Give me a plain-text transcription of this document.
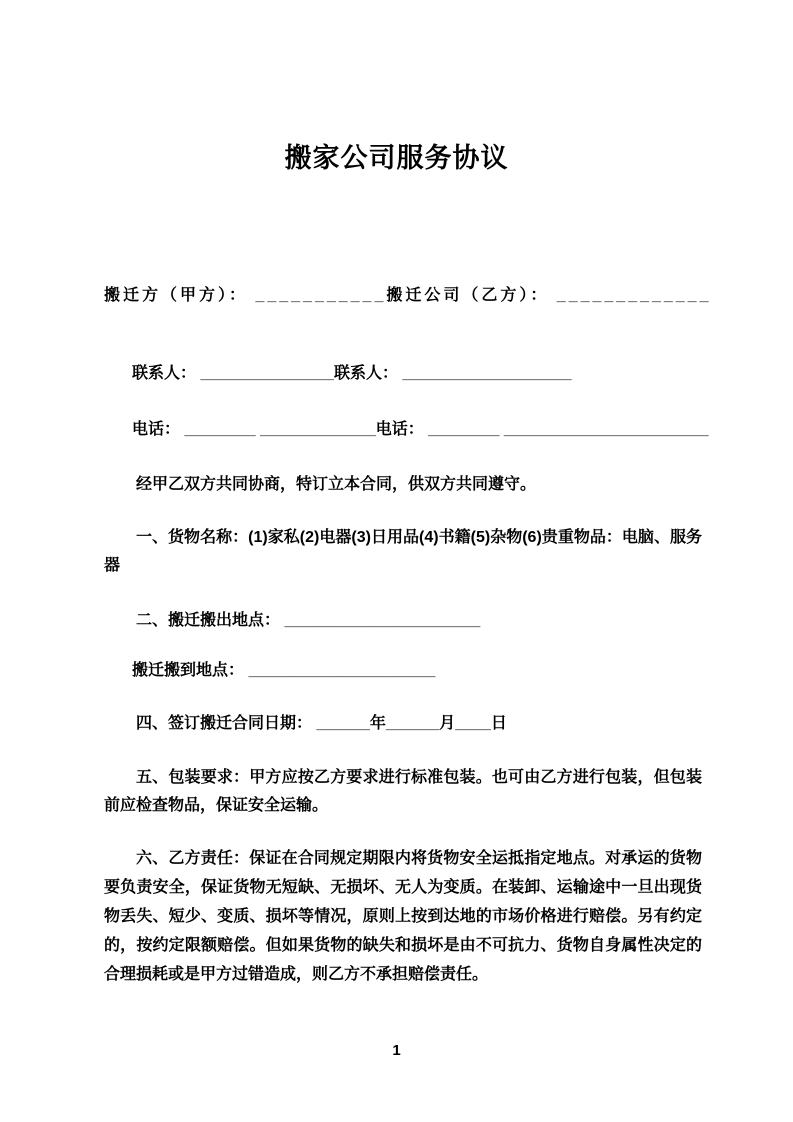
搬家公司服务协议

搬迁方（甲方）： ___________搬迁公司（乙方）： _____________

联系人： _______________联系人： ___________________

电话： ________ _____________电话： ________ _______________________

经甲乙双方共同协商，特订立本合同，供双方共同遵守。

一、货物名称：(1)家私(2)电器(3)日用品(4)书籍(5)杂物(6)贵重物品：电脑、服务器

二、搬迁搬出地点： ______________________

搬迁搬到地点： _____________________

四、签订搬迁合同日期： ______年______月____日

五、包装要求：甲方应按乙方要求进行标准包装。也可由乙方进行包装，但包装前应检查物品，保证安全运输。

六、乙方责任：保证在合同规定期限内将货物安全运抵指定地点。对承运的货物要负责安全，保证货物无短缺、无损坏、无人为变质。在装卸、运输途中一旦出现货物丢失、短少、变质、损坏等情况，原则上按到达地的市场价格进行赔偿。另有约定的，按约定限额赔偿。但如果货物的缺失和损坏是由不可抗力、货物自身属性决定的合理损耗或是甲方过错造成，则乙方不承担赔偿责任。

1
